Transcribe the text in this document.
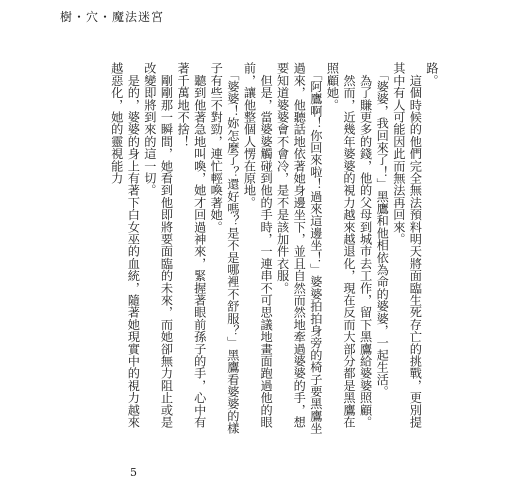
樹・穴・魔法迷宮

路。

　這個時候的他們完全無法預料明天將面臨生死存亡的挑戰，更別提其中有人可能因此而無法再回來。

　「婆婆，我回來了！」黑鷹和他相依為命的婆婆，一起生活。

　為了賺更多的錢，他的父母到城市去工作，留下黑鷹給婆婆照顧。

　然而，近幾年婆婆的視力越來越退化，現在反而大部分都是黑鷹在照顧她。

　「阿鷹啊！你回來啦！過來這邊坐！」婆婆拍拍身旁的椅子要黑鷹坐過來，他聽話地依著她身邊坐下，並且自然而然地牽過婆婆的手，想要知道婆婆會不會冷，是不是該加件衣服。

　但是，當婆婆觸碰到他的手時，一連串不可思議地畫面跑過他的眼前，讓他整個人愣在原地。

　「婆婆！妳怎麼了？還好嗎？是不是哪裡不舒服？」黑鷹看婆婆的樣子有些不對勁，連忙輕喚著她。

　聽到他著急地叫喚，她才回過神來，緊握著眼前孫子的手，心中有著千萬地不捨！

　剛剛那一瞬間，她看到他即將要面臨的未來，而她卻無力阻止或是改變即將到來的這一切。

　是的，婆婆的身上有著下白女巫的血統，隨著她現實中的視力越來越惡化，她的靈視能力

5
